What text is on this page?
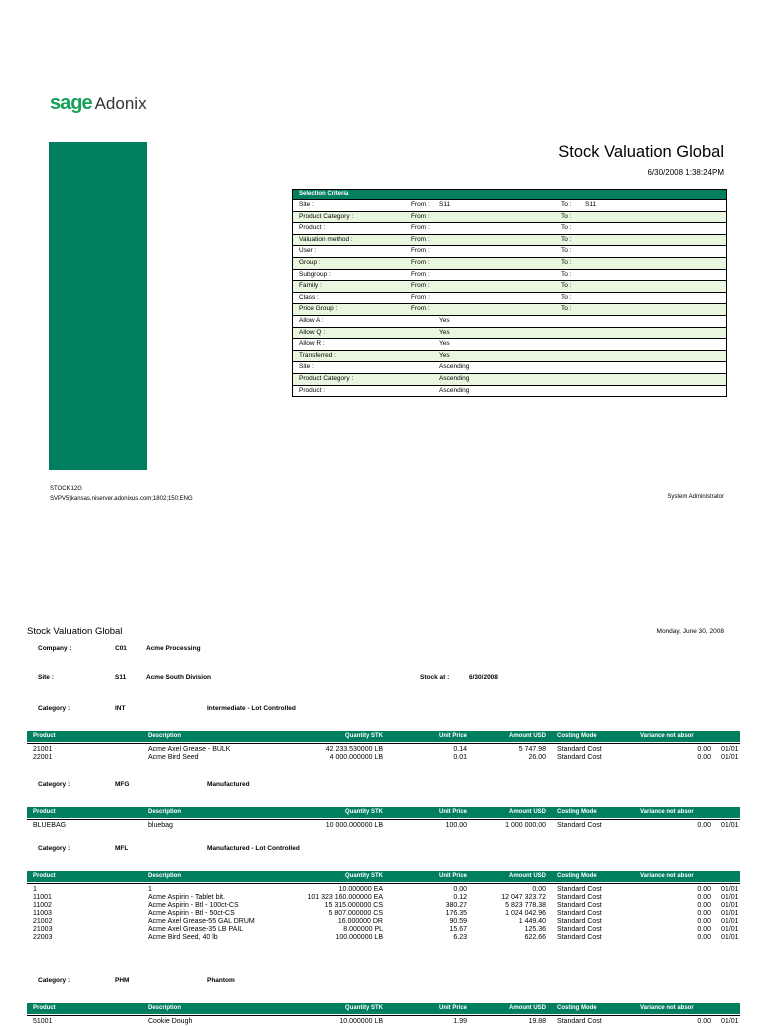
sage Adonix
Stock Valuation Global
6/30/2008 1:38:24PM
Selection Criteria
Site :	From : S11	To : S11
Product Category :	From :	To :
Product :	From :	To :
Valuation method :	From :	To :
User :	From :	To :
Group :	From :	To :
Subgroup :	From :	To :
Family :	From :	To :
Class :	From :	To :
Price Group :	From :	To :
Allow A :	Yes
Allow Q :	Yes
Allow R :	Yes
Transferred :	Yes
Site :	Ascending
Product Category :	Ascending
Product :	Ascending
STOCK12G
SVPV5|kansas.niserver.adonixus.com;1802;150;ENG	System Administrator
Stock Valuation Global	Monday, June 30, 2008
Company :	C01	Acme Processing
Site :	S11	Acme South Division	Stock at :	6/30/2008
Category :	INT	Intermediate - Lot Controlled
Product	Description	Quantity STK	Unit Price	Amount USD Costing Mode	Variance not absor
21001	Acme Axel Grease - BULK	42 233.530000 LB	0.14	5 747.98 Standard Cost	0.00 01/01
22001	Acme Bird Seed	4 000.000000 LB	0.01	26.00 Standard Cost	0.00 01/01
Category :	MFG	Manufactured
Product	Description	Quantity STK	Unit Price	Amount USD Costing Mode	Variance not absor
BLUEBAG	bluebag	10 000.000000 LB	100.00	1 000 000.00 Standard Cost	0.00 01/01
Category :	MFL	Manufactured - Lot Controlled
Product	Description	Quantity STK	Unit Price	Amount USD Costing Mode	Variance not absor
1	1	10.000000 EA	0.00	0.00 Standard Cost	0.00 01/01
11001	Acme Aspirin - Tablet bit.	101 323 160.000000 EA	0.12	12 047 323.72 Standard Cost	0.00 01/01
11002	Acme Aspirin - Btl - 100ct-CS	15 315.000000 CS	380.27	5 823 778.38 Standard Cost	0.00 01/01
11003	Acme Aspirin - Btl - 50ct-CS	5 807.000000 CS	176.35	1 024 042.96 Standard Cost	0.00 01/01
21002	Acme Axel Grease-55 GAL DRUM	16.000000 DR	90.59	1 449.40 Standard Cost	0.00 01/01
21003	Acme Axel Grease-35 LB PAIL	8.000000 PL	15.67	125.36 Standard Cost	0.00 01/01
22003	Acme Bird Seed, 40 lb	100.000000 LB	6.23	622.66 Standard Cost	0.00 01/01
Category :	PHM	Phantom
Product	Description	Quantity STK	Unit Price	Amount USD Costing Mode	Variance not absor
51001	Cookie Dough	10.000000 LB	1.99	19.88 Standard Cost	0.00 01/01
